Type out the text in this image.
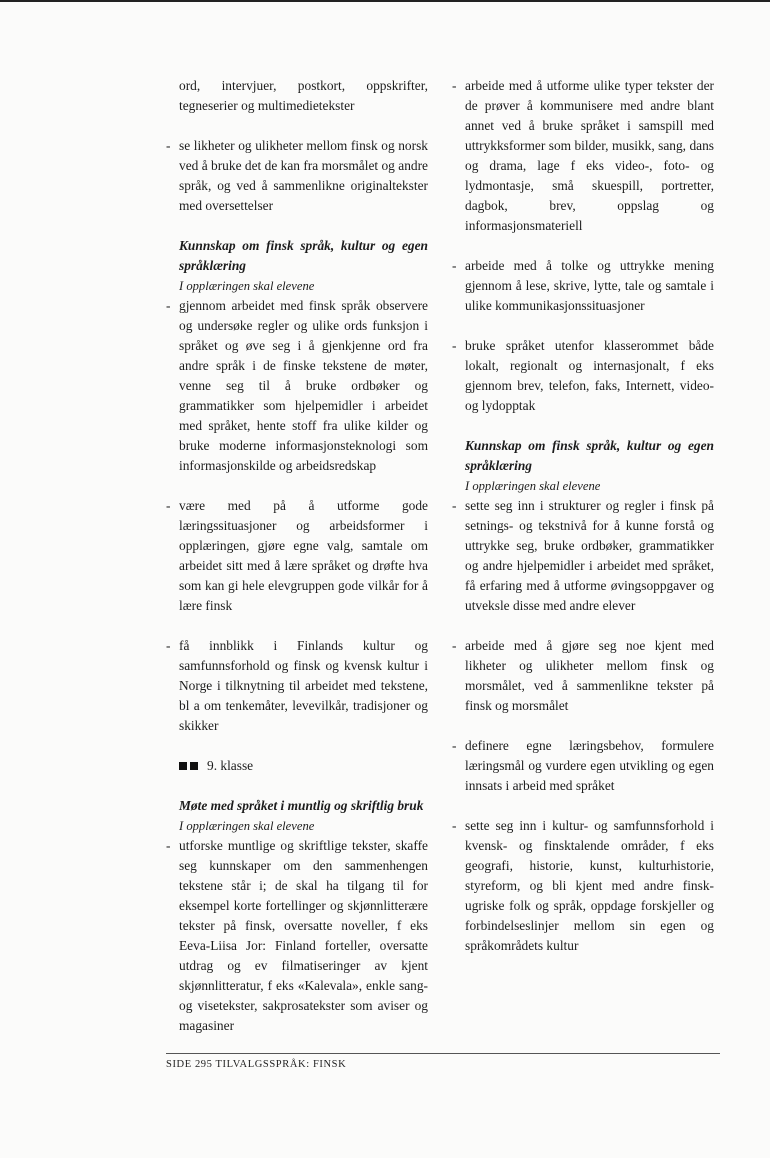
ord, intervjuer, postkort, oppskrifter, tegneserier og multimedietekster

- se likheter og ulikheter mellom finsk og norsk ved å bruke det de kan fra morsmålet og andre språk, og ved å sammenlikne originaltekster med oversettelser

Kunnskap om finsk språk, kultur og egen språklæring

I opplæringen skal elevene

- gjennom arbeidet med finsk språk observere og undersøke regler og ulike ords funksjon i språket og øve seg i å gjenkjenne ord fra andre språk i de finske tekstene de møter, venne seg til å bruke ordbøker og grammatikker som hjelpemidler i arbeidet med språket, hente stoff fra ulike kilder og bruke moderne informasjonsteknologi som informasjonskilde og arbeidsredskap

- være med på å utforme gode læringssituasjoner og arbeidsformer i opplæringen, gjøre egne valg, samtale om arbeidet sitt med å lære språket og drøfte hva som kan gi hele elevgruppen gode vilkår for å lære finsk

- få innblikk i Finlands kultur og samfunnsforhold og finsk og kvensk kultur i Norge i tilknytning til arbeidet med tekstene, bl a om tenkemåter, levevilkår, tradisjoner og skikker

9. klasse

Møte med språket i muntlig og skriftlig bruk

I opplæringen skal elevene

- utforske muntlige og skriftlige tekster, skaffe seg kunnskaper om den sammenhengen tekstene står i; de skal ha tilgang til for eksempel korte fortellinger og skjønnlitterære tekster på finsk, oversatte noveller, f eks Eeva-Liisa Jor: Finland forteller, oversatte utdrag og ev filmatiseringer av kjent skjønnlitteratur, f eks «Kalevala», enkle sang- og visetekster, sakprosatekster som aviser og magasiner

- arbeide med å utforme ulike typer tekster der de prøver å kommunisere med andre blant annet ved å bruke språket i samspill med uttrykksformer som bilder, musikk, sang, dans og drama, lage f eks video-, foto- og lydmontasje, små skuespill, portretter, dagbok, brev, oppslag og informasjonsmateriell

- arbeide med å tolke og uttrykke mening gjennom å lese, skrive, lytte, tale og samtale i ulike kommunikasjonssituasjoner

- bruke språket utenfor klasserommet både lokalt, regionalt og internasjonalt, f eks gjennom brev, telefon, faks, Internett, video- og lydopptak

Kunnskap om finsk språk, kultur og egen språklæring

I opplæringen skal elevene

- sette seg inn i strukturer og regler i finsk på setnings- og tekstnivå for å kunne forstå og uttrykke seg, bruke ordbøker, grammatikker og andre hjelpemidler i arbeidet med språket, få erfaring med å utforme øvingsoppgaver og utveksle disse med andre elever

- arbeide med å gjøre seg noe kjent med likheter og ulikheter mellom finsk og morsmålet, ved å sammenlikne tekster på finsk og morsmålet

- definere egne læringsbehov, formulere læringsmål og vurdere egen utvikling og egen innsats i arbeid med språket

- sette seg inn i kultur- og samfunnsforhold i kvensk- og finsktalende områder, f eks geografi, historie, kunst, kulturhistorie, styreform, og bli kjent med andre finsk-ugriske folk og språk, oppdage forskjeller og forbindelseslinjer mellom sin egen og språkområdets kultur

SIDE 295 TILVALGSSPRÅK: FINSK
